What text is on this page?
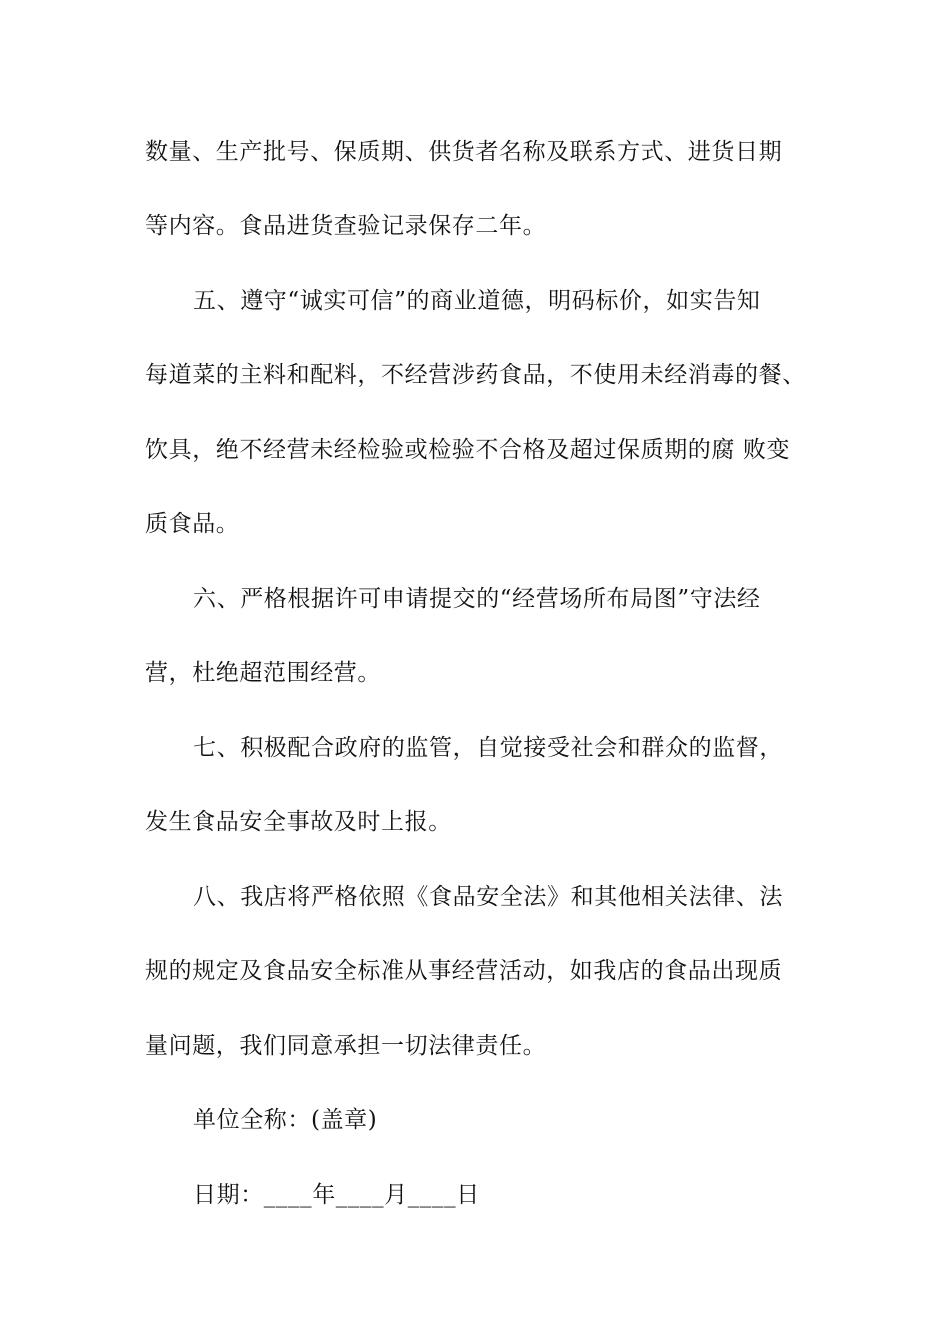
数量、生产批号、保质期、供货者名称及联系方式、进货日期
等内容。食品进货查验记录保存二年。
五、遵守“诚实可信”的商业道德，明码标价，如实告知
每道菜的主料和配料，不经营涉药食品，不使用未经消毒的餐、
饮具，绝不经营未经检验或检验不合格及超过保质期的腐 败变
质食品。
六、严格根据许可申请提交的“经营场所布局图”守法经
营，杜绝超范围经营。
七、积极配合政府的监管，自觉接受社会和群众的监督，
发生食品安全事故及时上报。
八、我店将严格依照《食品安全法》和其他相关法律、法
规的规定及食品安全标准从事经营活动，如我店的食品出现质
量问题，我们同意承担一切法律责任。
单位全称：(盖章)
日期：____年____月____日
